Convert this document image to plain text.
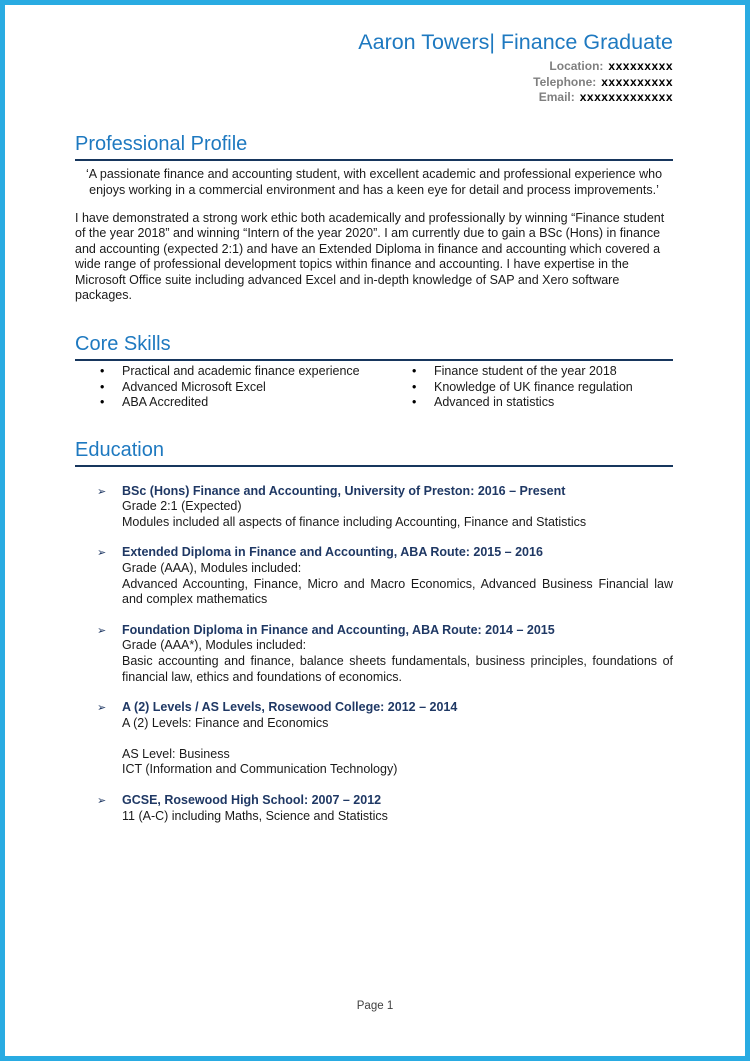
Aaron Towers| Finance Graduate
Location: xxxxxxxxx
Telephone: xxxxxxxxxx
Email: xxxxxxxxxxxxx
Professional Profile

‘A passionate finance and accounting student, with excellent academic and professional experience who enjoys working in a commercial environment and has a keen eye for detail and process improvements.’

I have demonstrated a strong work ethic both academically and professionally by winning “Finance student of the year 2018” and winning “Intern of the year 2020”. I am currently due to gain a BSc (Hons) in finance and accounting (expected 2:1) and have an Extended Diploma in finance and accounting which covered a wide range of professional development topics within finance and accounting. I have expertise in the Microsoft Office suite including advanced Excel and in-depth knowledge of SAP and Xero software packages.

Core Skills
•
Practical and academic finance experience
•
Advanced Microsoft Excel
•
ABA Accredited
•
Finance student of the year 2018
•
Knowledge of UK finance regulation
•
Advanced in statistics
Education
➢	BSc (Hons) Finance and Accounting, University of Preston: 2016 – Present
Grade 2:1 (Expected)
Modules included all aspects of finance including Accounting, Finance and Statistics
➢	Extended Diploma in Finance and Accounting, ABA Route: 2015 – 2016
Grade (AAA), Modules included:
Advanced Accounting, Finance, Micro and Macro Economics, Advanced Business Financial law and complex mathematics
➢	Foundation Diploma in Finance and Accounting, ABA Route: 2014 – 2015
Grade (AAA*), Modules included:
Basic accounting and finance, balance sheets fundamentals, business principles, foundations of financial law, ethics and foundations of economics.
➢	A (2) Levels / AS Levels, Rosewood College: 2012 – 2014
A (2) Levels: Finance and Economics
AS Level: Business
ICT (Information and Communication Technology)
➢	GCSE, Rosewood High School: 2007 – 2012
11 (A-C) including Maths, Science and Statistics
Page 1
